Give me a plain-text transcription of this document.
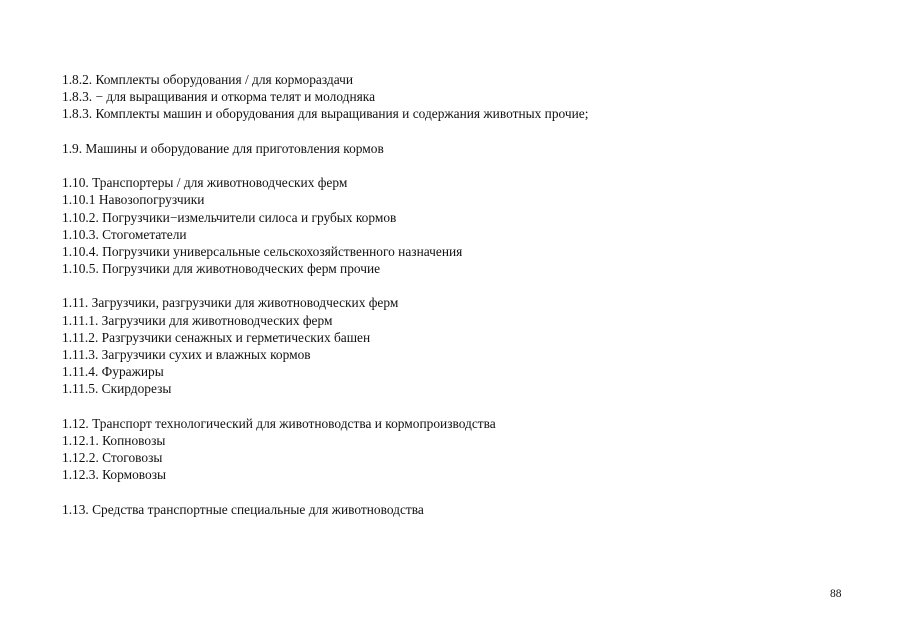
1.8.2. Комплекты оборудования / для кормораздачи
1.8.3. − для выращивания и откорма телят и молодняка
1.8.3. Комплекты машин и оборудования для выращивания и содержания животных прочие;
1.9. Машины и оборудование для приготовления кормов
1.10. Транспортеры / для животноводческих ферм
1.10.1 Навозопогрузчики
1.10.2. Погрузчики−измельчители силоса и грубых кормов
1.10.3. Стогометатели
1.10.4. Погрузчики универсальные сельскохозяйственного назначения
1.10.5. Погрузчики для животноводческих ферм прочие
1.11. Загрузчики, разгрузчики для животноводческих ферм
1.11.1. Загрузчики для животноводческих ферм
1.11.2. Разгрузчики сенажных и герметических башен
1.11.3. Загрузчики сухих и влажных кормов
1.11.4. Фуражиры
1.11.5. Скирдорезы
1.12. Транспорт технологический для животноводства и кормопроизводства
1.12.1. Копновозы
1.12.2. Стоговозы
1.12.3. Кормовозы
1.13. Средства транспортные специальные для животноводства
88
